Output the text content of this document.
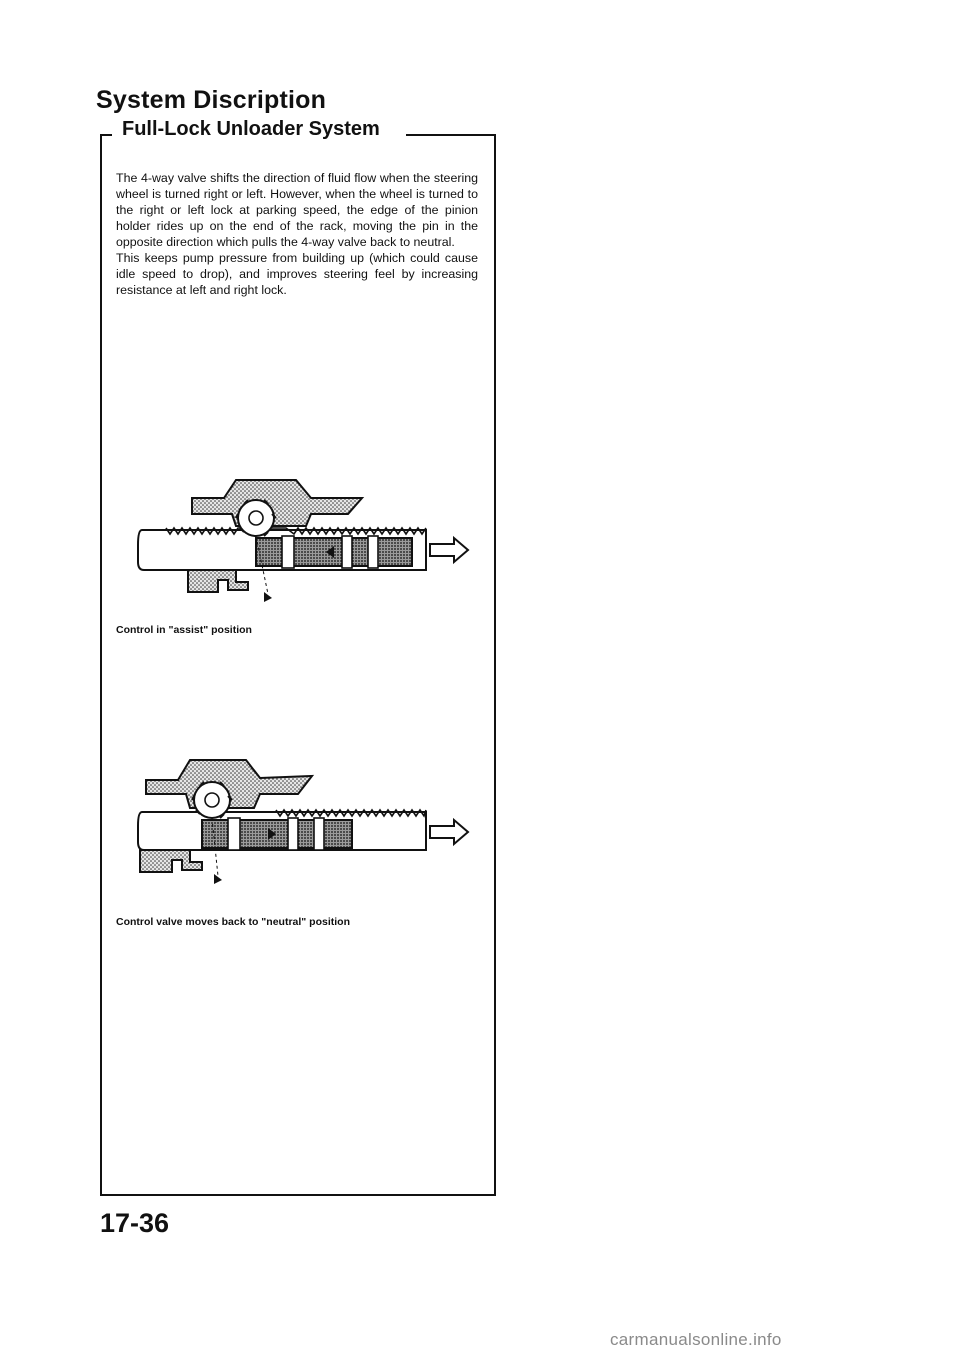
System Discription
Full-Lock Unloader System

The 4-way valve shifts the direction of fluid flow when the steering wheel is turned right or left. However, when the wheel is turned to the right or left lock at parking speed, the edge of the pinion holder rides up on the end of the rack, moving the pin in the opposite direction which pulls the 4-way valve back to neutral.

This keeps pump pressure from building up (which could cause idle speed to drop), and improves steering feel by increasing resistance at left and right lock.

Control in "assist" position
Control valve moves back to "neutral" position
17-36
carmanualsonline.info
